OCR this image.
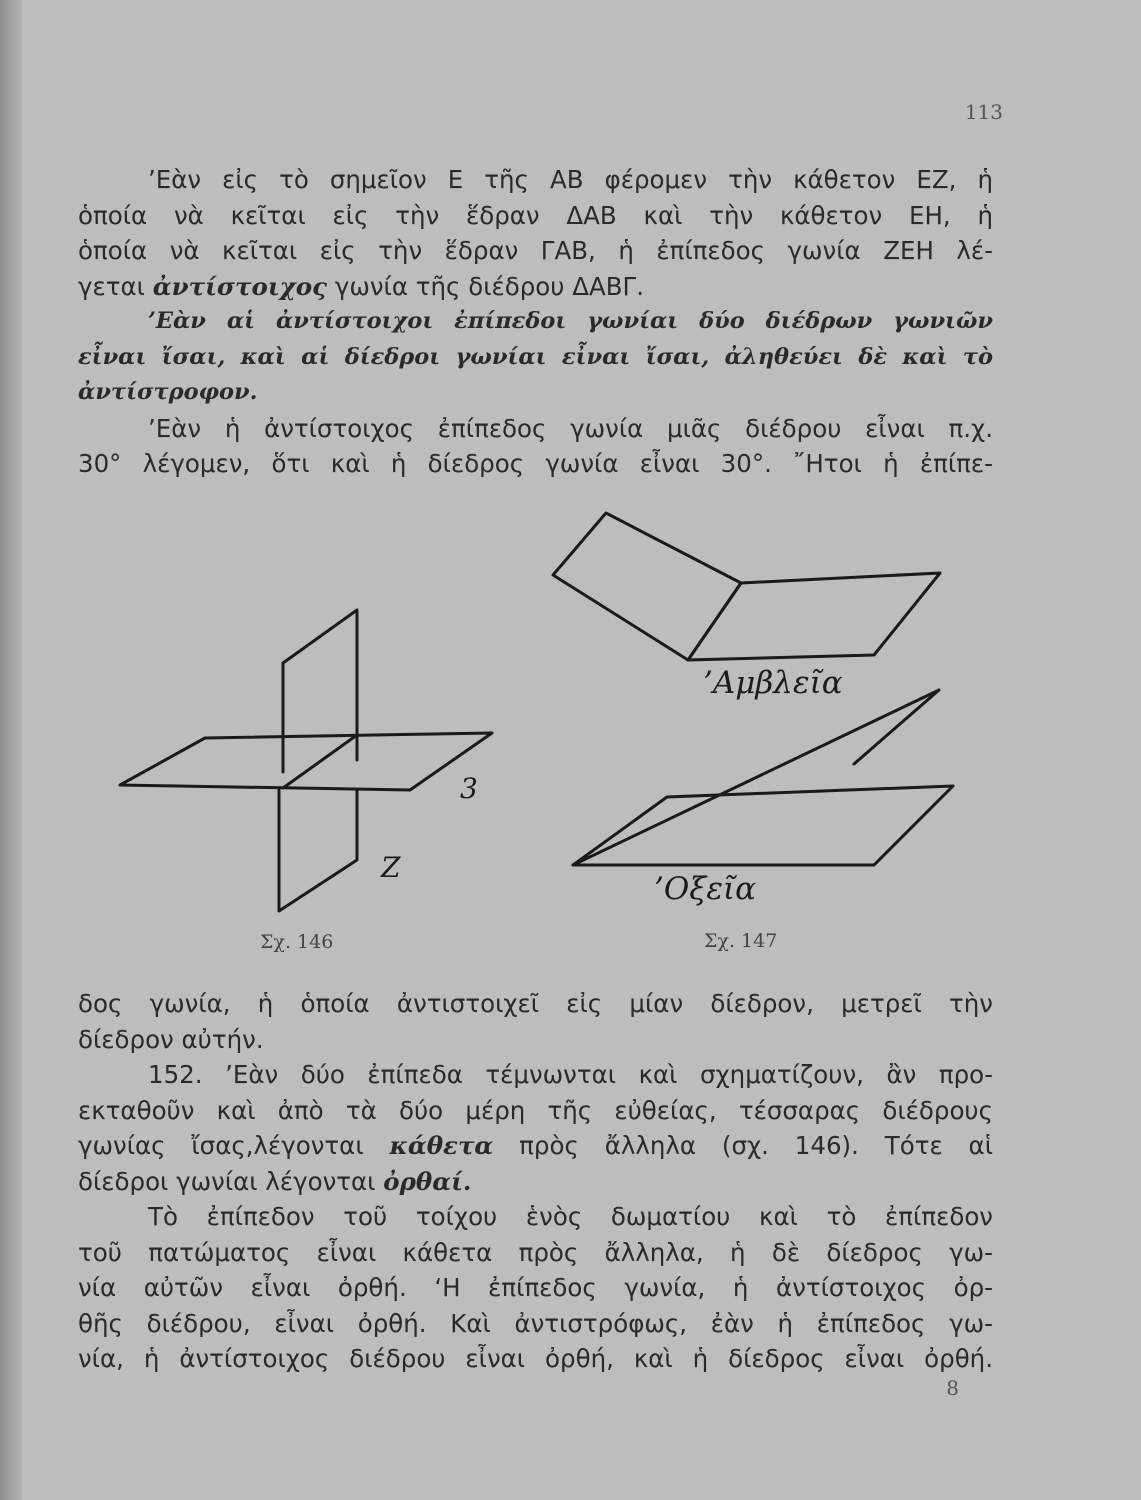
113
’Εὰν εἰς τὸ σημεῖον Ε τῆς ΑΒ φέρομεν τὴν κάθετον ΕΖ, ἡ
ὁποία νὰ κεῖται εἰς τὴν ἕδραν ΔΑΒ καὶ τὴν κάθετον ΕΗ, ἡ
ὁποία νὰ κεῖται εἰς τὴν ἕδραν ΓΑΒ, ἡ ἐπίπεδος γωνία ΖΕΗ λέ-
γεται ἀντίστοιχος γωνία τῆς διέδρου ΔΑΒΓ.
’Εὰν αἱ ἀντίστοιχοι ἐπίπεδοι γωνίαι δύο διέδρων γωνιῶν
εἶναι ἴσαι, καὶ αἱ δίεδροι γωνίαι εἶναι ἴσαι, ἀληθεύει δὲ καὶ τὸ
ἀντίστροφον.
’Εὰν ἡ ἀντίστοιχος ἐπίπεδος γωνία μιᾶς διέδρου εἶναι π.χ.
30° λέγομεν, ὅτι καὶ ἡ δίεδρος γωνία εἶναι 30°. ῎Ητοι ἡ ἐπίπε-
3
Z
’Αμβλεῖα
’Οξεῖα
Σχ. 146	Σχ. 147
δος γωνία, ἡ ὁποία ἀντιστοιχεῖ εἰς μίαν δίεδρον, μετρεῖ τὴν
δίεδρον αὐτήν.
152. ’Εὰν δύο ἐπίπεδα τέμνωνται καὶ σχηματίζουν, ἂν προ-
εκταθοῦν καὶ ἀπὸ τὰ δύο μέρη τῆς εὐθείας, τέσσαρας διέδρους
γωνίας ἴσας,λέγονται κάθετα πρὸς ἄλληλα (σχ. 146). Τότε αἱ
δίεδροι γωνίαι λέγονται ὀρθαί.
Τὸ ἐπίπεδον τοῦ τοίχου ἑνὸς δωματίου καὶ τὸ ἐπίπεδον
τοῦ πατώματος εἶναι κάθετα πρὸς ἄλληλα, ἡ δὲ δίεδρος γω-
νία αὐτῶν εἶναι ὀρθή. ‘Η ἐπίπεδος γωνία, ἡ ἀντίστοιχος ὀρ-
θῆς διέδρου, εἶναι ὀρθή. Καὶ ἀντιστρόφως, ἐὰν ἡ ἐπίπεδος γω-
νία, ἡ ἀντίστοιχος διέδρου εἶναι ὀρθή, καὶ ἡ δίεδρος εἶναι ὀρθή.
8
